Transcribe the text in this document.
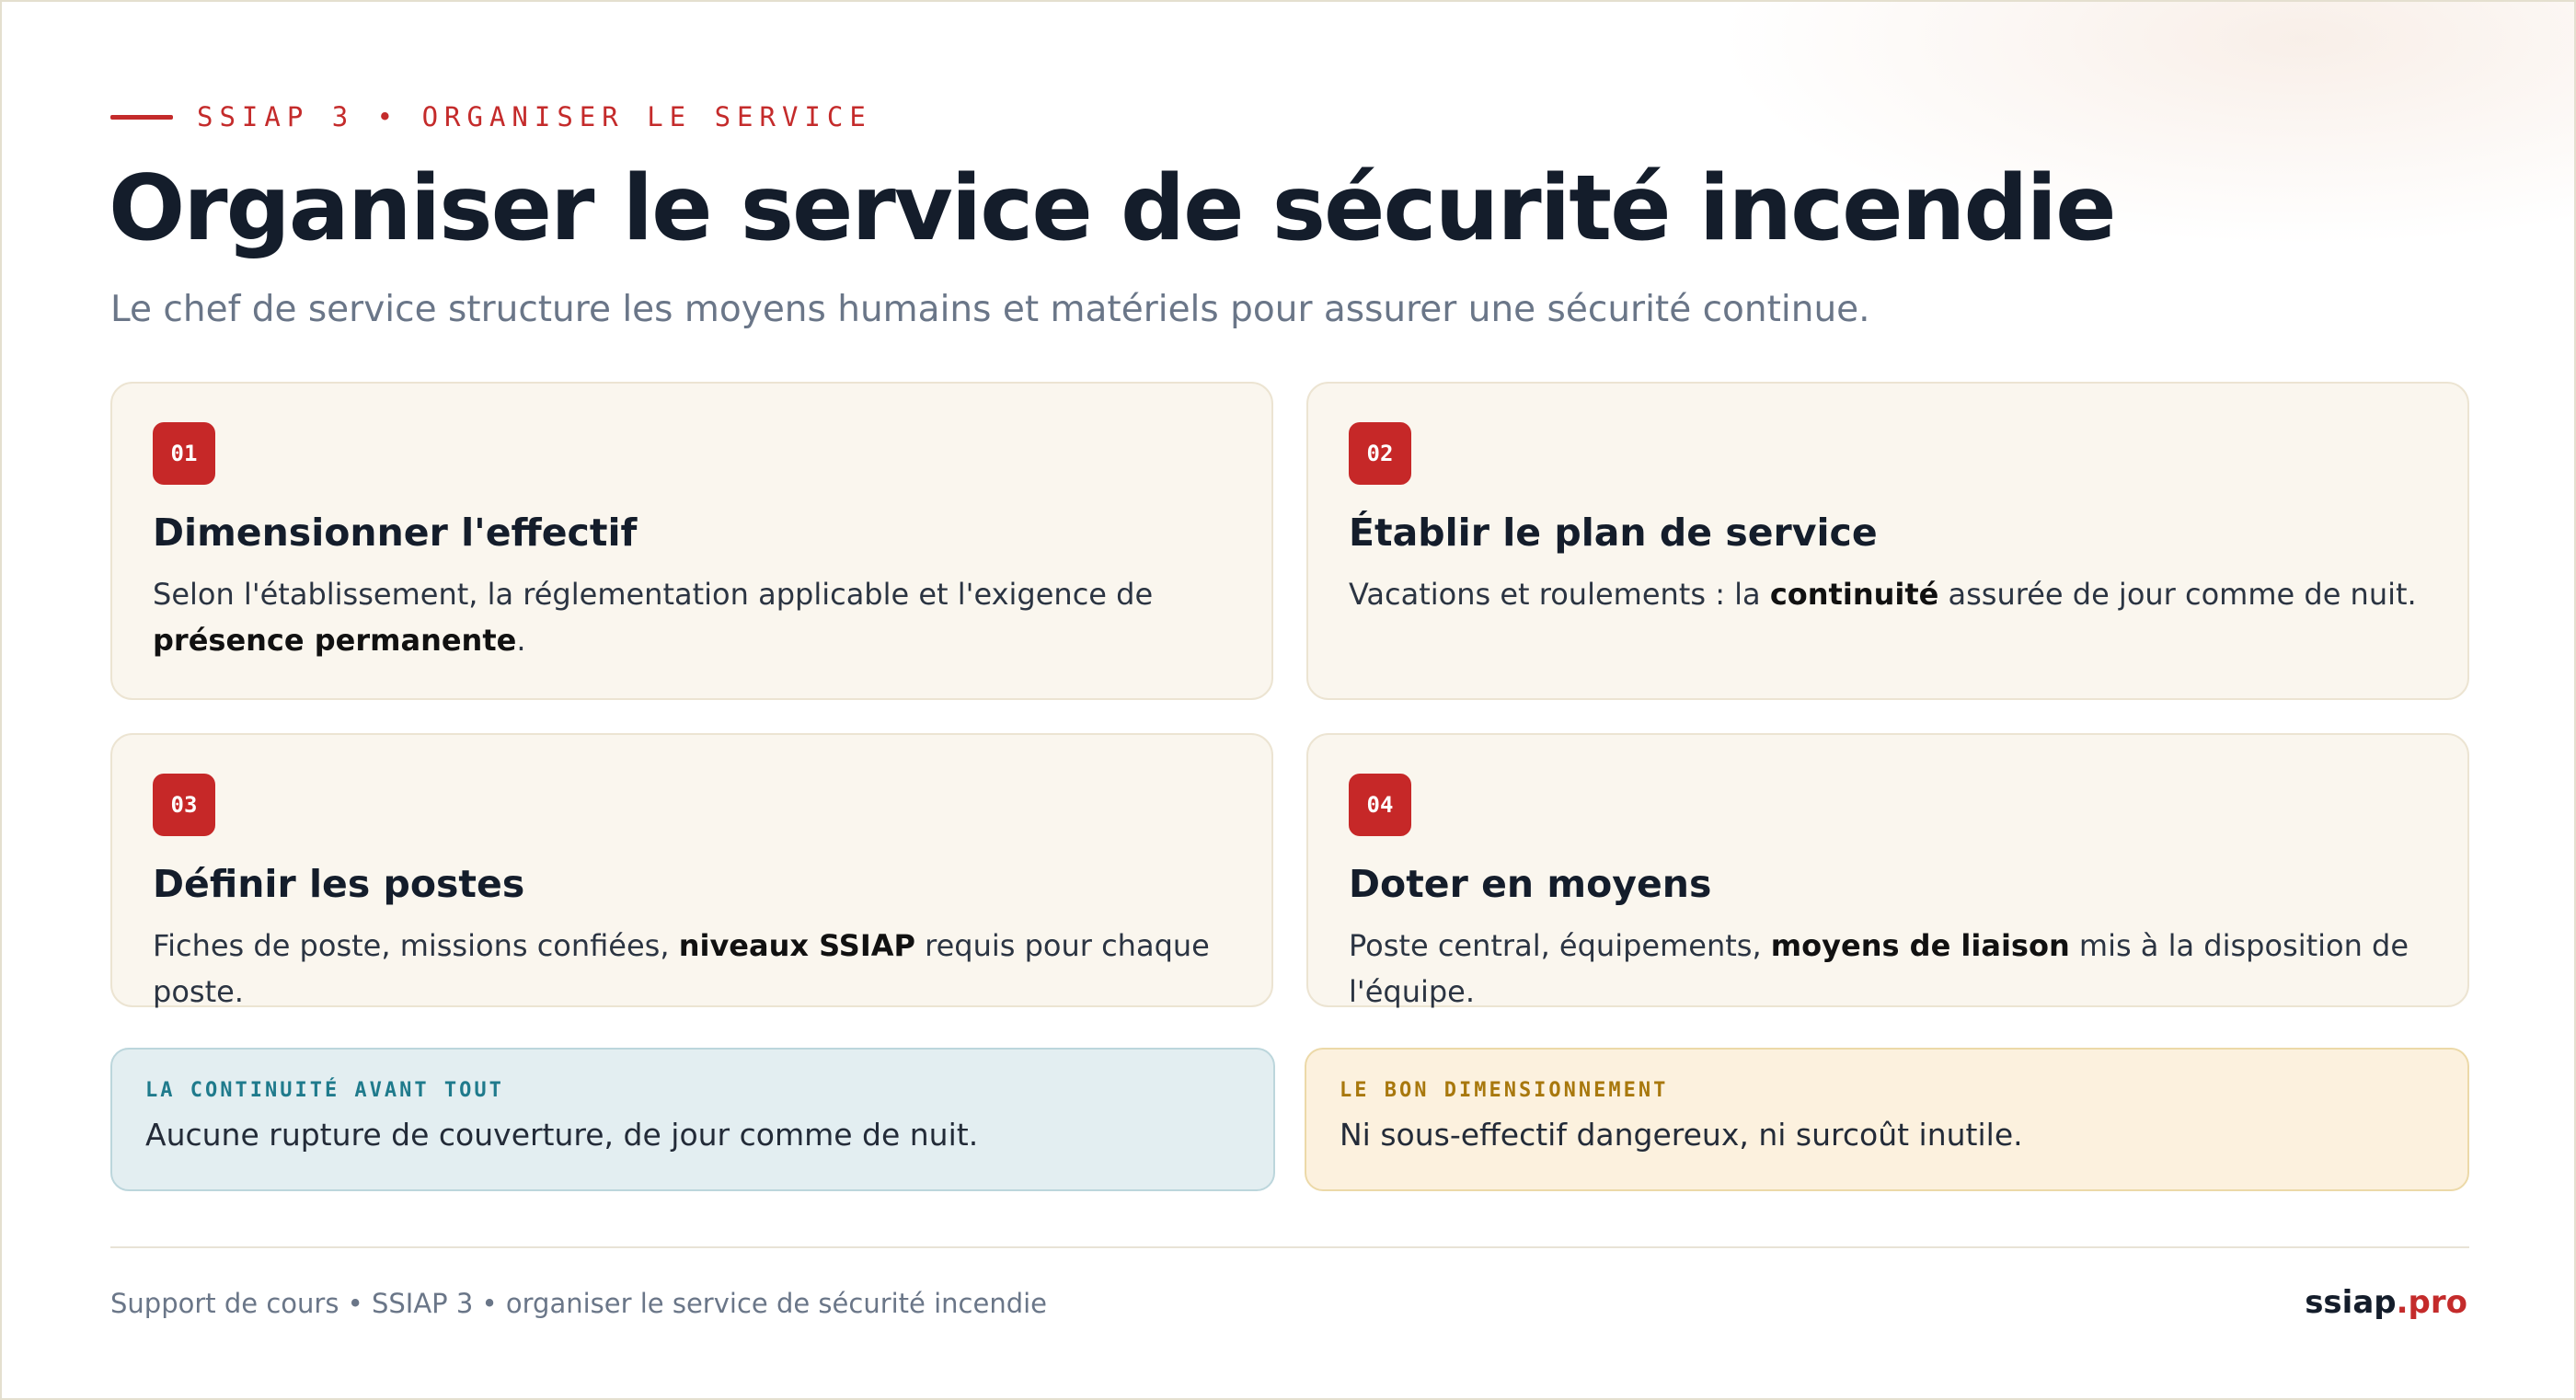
SSIAP 3 • ORGANISER LE SERVICE
Organiser le service de sécurité incendie

Le chef de service structure les moyens humains et matériels pour assurer une sécurité continue.

01
Dimensionner l'effectif

Selon l'établissement, la réglementation applicable et l'exigence de présence permanente.

02
Établir le plan de service

Vacations et roulements : la continuité assurée de jour comme de nuit.

03
Définir les postes

Fiches de poste, missions confiées, niveaux SSIAP requis pour chaque poste.

04
Doter en moyens

Poste central, équipements, moyens de liaison mis à la disposition de l'équipe.

LA CONTINUITÉ AVANT TOUT
Aucune rupture de couverture, de jour comme de nuit.
LE BON DIMENSIONNEMENT
Ni sous-effectif dangereux, ni surcoût inutile.
Support de cours • SSIAP 3 • organiser le service de sécurité incendie	ssiap.pro
